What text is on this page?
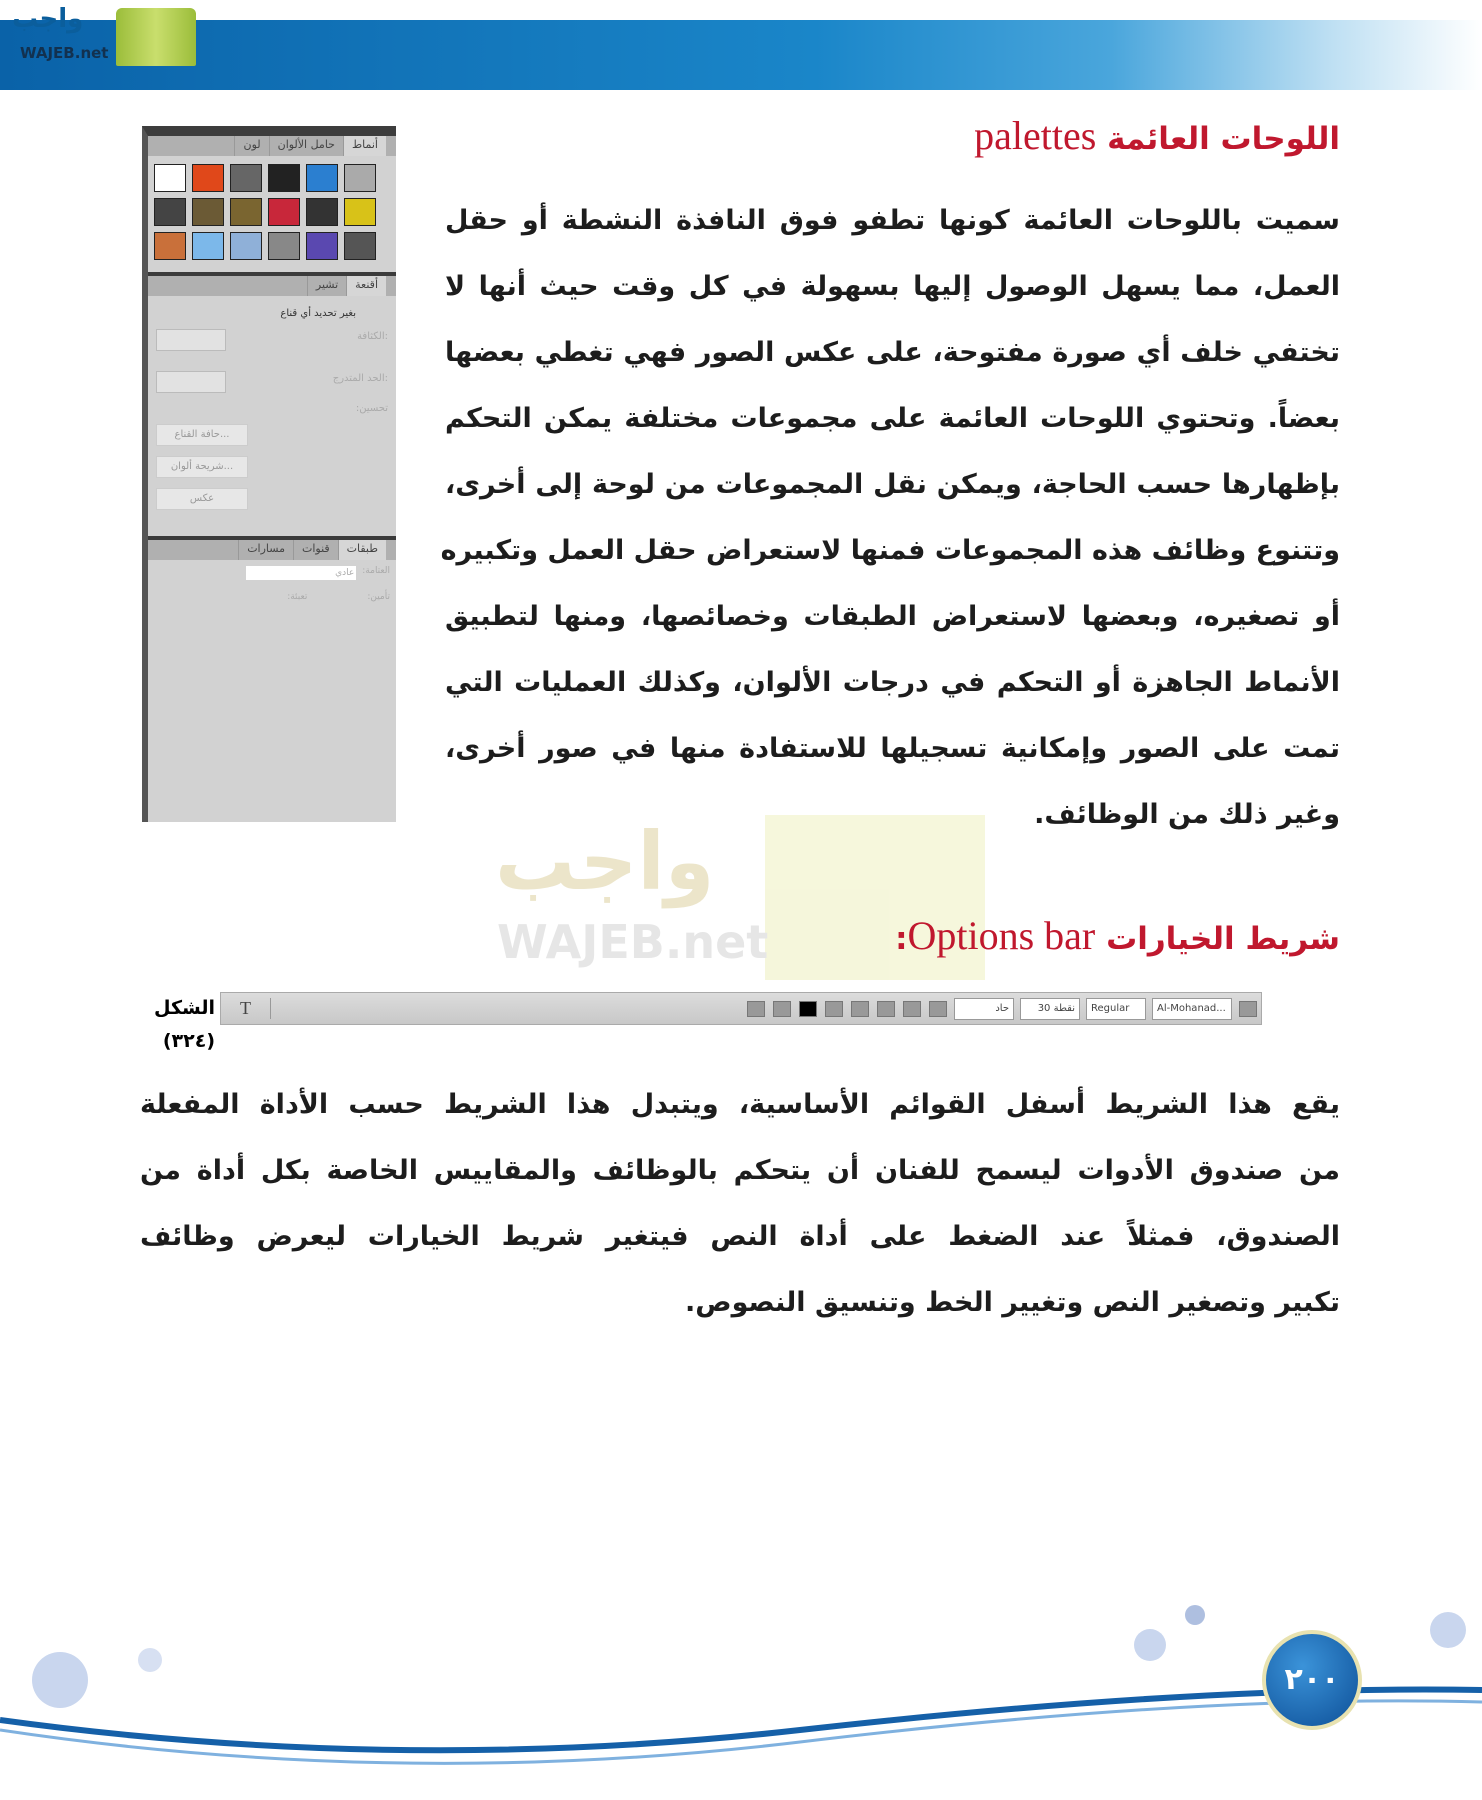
واجب
WAJEB.net
اللوحات العائمة palettes
سميت باللوحات العائمة كونها تطفو فوق النافذة النشطة أو حقل
العمل، مما يسهل الوصول إليها بسهولة في كل وقت حيث أنها لا
تختفي خلف أي صورة مفتوحة، على عكس الصور فهي تغطي بعضها
بعضاً. وتحتوي اللوحات العائمة على مجموعات مختلفة يمكن التحكم
بإظهارها حسب الحاجة، ويمكن نقل المجموعات من لوحة إلى أخرى،
وتتنوع وظائف هذه المجموعات فمنها لاستعراض حقل العمل وتكبيره
أو تصغيره، وبعضها لاستعراض الطبقات وخصائصها، ومنها لتطبيق
الأنماط الجاهزة أو التحكم في درجات الألوان، وكذلك العمليات التي
تمت على الصور وإمكانية تسجيلها للاستفادة منها في صور أخرى،
وغير ذلك من الوظائف.
أنماط
حامل الألوان
لون
أقنعة
تشير
بغير تحديد أي قناع
الكثافة:
الحد المتدرج:
تحسين:
حافة القناع...
شريحة ألوان...
عكس
طبقات
قنوات
مسارات
العتامة:
عادي
تأمين:
تعبئة:
واجب
WAJEB.net	شريط الخيارات Options bar:
الشكل (٣٢٤)
T	حاد	30 نقطة	Regular	Al-Mohanad...
يقع هذا الشريط أسفل القوائم الأساسية، ويتبدل هذا الشريط حسب الأداة المفعلة
من صندوق الأدوات ليسمح للفنان أن يتحكم بالوظائف والمقاييس الخاصة بكل أداة من
الصندوق، فمثلاً عند الضغط على أداة النص فيتغير شريط الخيارات ليعرض وظائف
تكبير وتصغير النص وتغيير الخط وتنسيق النصوص.
٢٠٠
